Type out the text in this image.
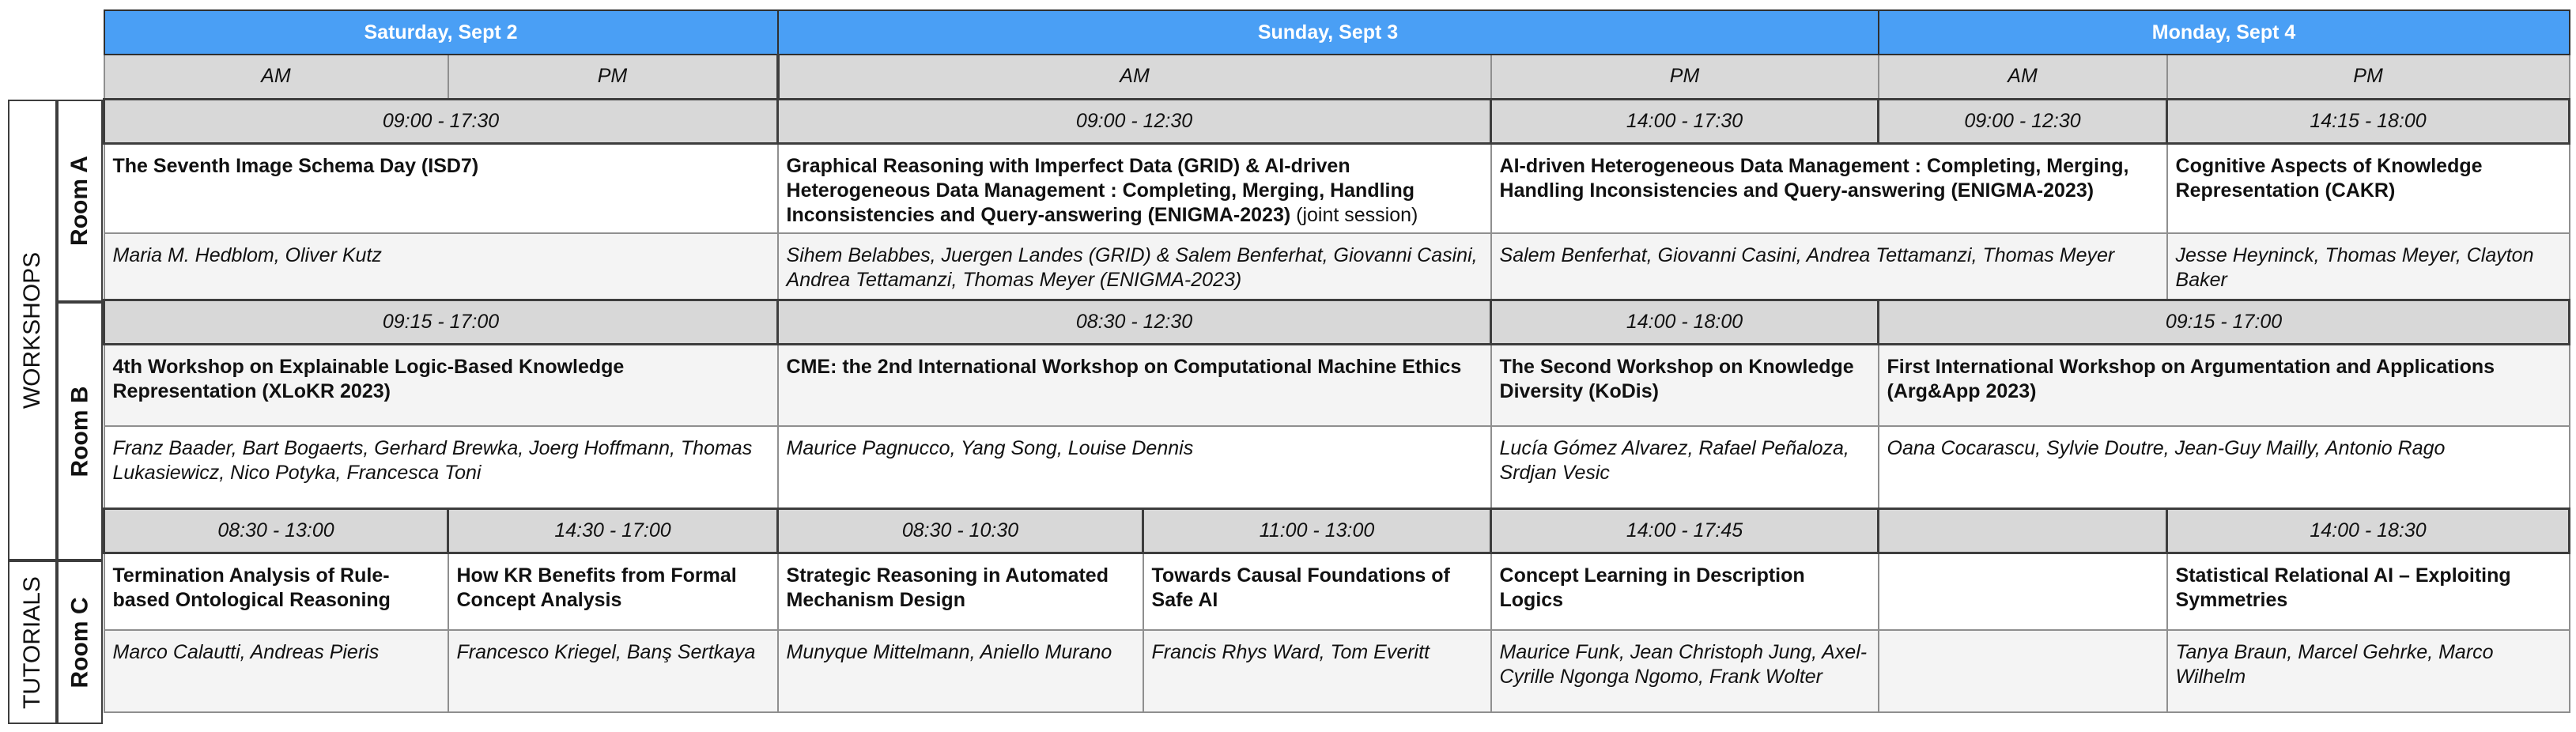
WORKSHOPS
TUTORIALS
Room A
Room B
Room C
Saturday, Sept 2		Sunday, Sept 3			Monday, Sept 4	
AM	PM	AM		PM	AM	PM
09:00 - 17:30		09:00 - 12:30		14:00 - 17:30	09:00 - 12:30	14:15 - 18:00
The Seventh Image Schema Day (ISD7)		Graphical Reasoning with Imperfect Data (GRID) & AI-driven Heterogeneous Data Management : Completing, Merging, Handling Inconsistencies and Query-answering (ENIGMA-2023) (joint session)		AI-driven Heterogeneous Data Management : Completing, Merging, Handling Inconsistencies and Query-answering (ENIGMA-2023)		Cognitive Aspects of Knowledge Representation (CAKR)
Maria M. Hedblom, Oliver Kutz		Sihem Belabbes, Juergen Landes (GRID) & Salem Benferhat, Giovanni Casini, Andrea Tettamanzi, Thomas Meyer (ENIGMA-2023)		Salem Benferhat, Giovanni Casini, Andrea Tettamanzi, Thomas Meyer		Jesse Heyninck, Thomas Meyer, Clayton Baker
09:15 - 17:00		08:30 - 12:30		14:00 - 18:00	09:15 - 17:00	
4th Workshop on Explainable Logic-Based Knowledge Representation (XLoKR 2023)		CME: the 2nd International Workshop on Computational Machine Ethics		The Second Workshop on Knowledge Diversity (KoDis)	First International Workshop on Argumentation and Applications (Arg&App 2023)	
Franz Baader, Bart Bogaerts, Gerhard Brewka, Joerg Hoffmann, Thomas Lukasiewicz, Nico Potyka, Francesca Toni		Maurice Pagnucco, Yang Song, Louise Dennis		Lucía Gómez Alvarez, Rafael Peñaloza, Srdjan Vesic	Oana Cocarascu, Sylvie Doutre, Jean-Guy Mailly, Antonio Rago	
08:30 - 13:00	14:30 - 17:00	08:30 - 10:30	11:00 - 13:00	14:00 - 17:45		14:00 - 18:30
Termination Analysis of Rule-based Ontological Reasoning	How KR Benefits from Formal Concept Analysis	Strategic Reasoning in Automated Mechanism Design	Towards Causal Foundations of Safe AI	Concept Learning in Description Logics		Statistical Relational AI – Exploiting Symmetries
Marco Calautti, Andreas Pieris	Francesco Kriegel, Banş Sertkaya	Munyque Mittelmann, Aniello Murano	Francis Rhys Ward, Tom Everitt	Maurice Funk, Jean Christoph Jung, Axel-Cyrille Ngonga Ngomo, Frank Wolter		Tanya Braun, Marcel Gehrke, Marco Wilhelm
